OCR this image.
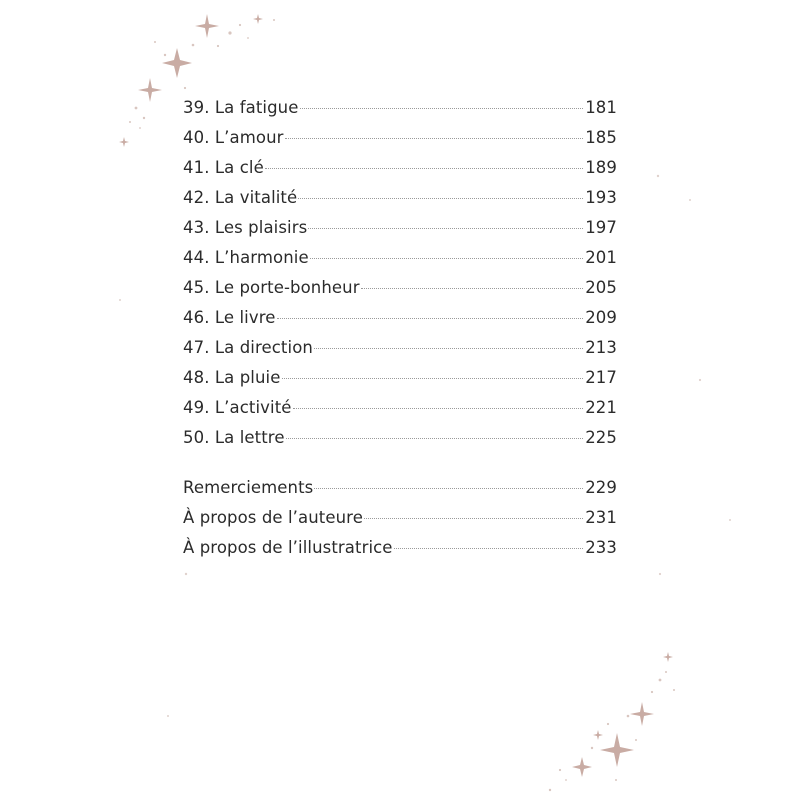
39. La fatigue	181
40. L’amour	185
41. La clé	189
42. La vitalité	193
43. Les plaisirs	197
44. L’harmonie	201
45. Le porte-bonheur	205
46. Le livre	209
47. La direction	213
48. La pluie	217
49. L’activité	221
50. La lettre	225
Remerciements	229
À propos de l’auteure	231
À propos de l’illustratrice	233
